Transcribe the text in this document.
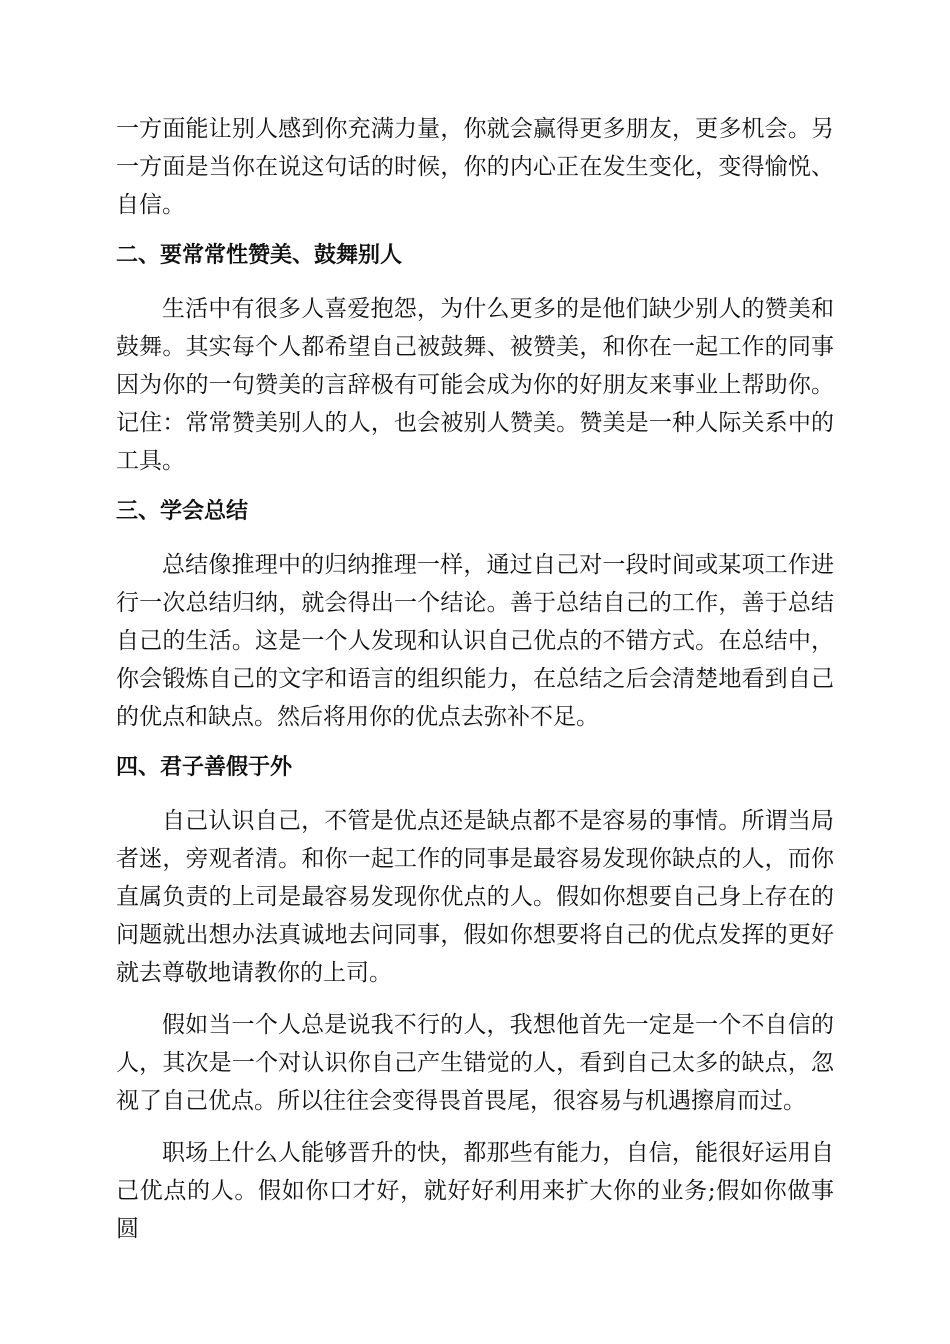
一方面能让别人感到你充满力量，你就会赢得更多朋友，更多机会。另一方面是当你在说这句话的时候，你的内心正在发生变化，变得愉悦、自信。

二、要常常性赞美、鼓舞别人

生活中有很多人喜爱抱怨，为什么更多的是他们缺少别人的赞美和鼓舞。其实每个人都希望自己被鼓舞、被赞美，和你在一起工作的同事因为你的一句赞美的言辞极有可能会成为你的好朋友来事业上帮助你。记住：常常赞美别人的人，也会被别人赞美。赞美是一种人际关系中的工具。

三、学会总结

总结像推理中的归纳推理一样，通过自己对一段时间或某项工作进行一次总结归纳，就会得出一个结论。善于总结自己的工作，善于总结自己的生活。这是一个人发现和认识自己优点的不错方式。在总结中，你会锻炼自己的文字和语言的组织能力，在总结之后会清楚地看到自己的优点和缺点。然后将用你的优点去弥补不足。

四、君子善假于外

自己认识自己，不管是优点还是缺点都不是容易的事情。所谓当局者迷，旁观者清。和你一起工作的同事是最容易发现你缺点的人，而你直属负责的上司是最容易发现你优点的人。假如你想要自己身上存在的问题就出想办法真诚地去问同事，假如你想要将自己的优点发挥的更好就去尊敬地请教你的上司。

假如当一个人总是说我不行的人，我想他首先一定是一个不自信的人，其次是一个对认识你自己产生错觉的人，看到自己太多的缺点，忽视了自己优点。所以往往会变得畏首畏尾，很容易与机遇擦肩而过。

职场上什么人能够晋升的快，都那些有能力，自信，能很好运用自己优点的人。假如你口才好，就好好利用来扩大你的业务;假如你做事圆
